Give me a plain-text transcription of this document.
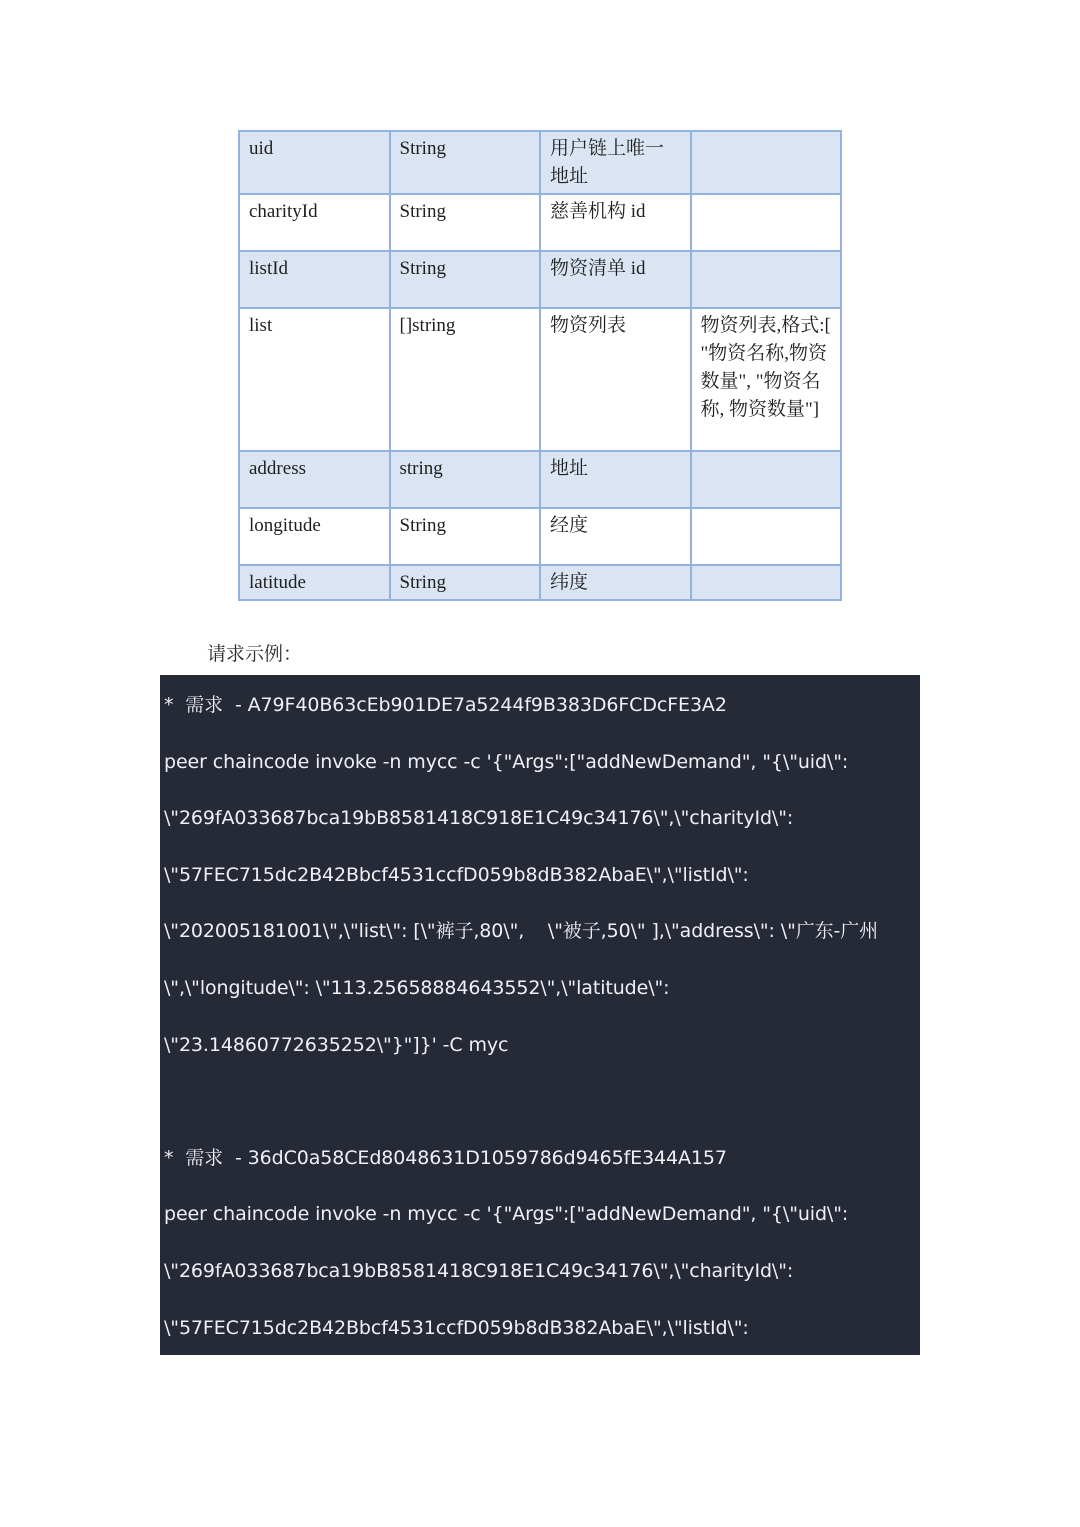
uid	String	用户链上唯一地址	
charityId	String	慈善机构 id	
listId	String	物资清单 id	
list	[]string	物资列表	物资列表,格式:[ "物资名称,物资数量", "物资名称, 物资数量"]
address	string	地址	
longitude	String	经度	
latitude	String	纬度	
请求示例：
*  需求  - A79F40B63cEb901DE7a5244f9B383D6FCDcFE3A2
peer chaincode invoke -n mycc -c '{"Args":["addNewDemand", "{\"uid\":
\"269fA033687bca19bB8581418C918E1C49c34176\",\"charityId\":
\"57FEC715dc2B42Bbcf4531ccfD059b8dB382AbaE\",\"listId\":
\"202005181001\",\"list\": [\"裤子,80\",    \"被子,50\" ],\"address\": \"广东-广州
\",\"longitude\": \"113.25658884643552\",\"latitude\":
\"23.14860772635252\"}"]}' -C myc
*  需求  - 36dC0a58CEd8048631D1059786d9465fE344A157
peer chaincode invoke -n mycc -c '{"Args":["addNewDemand", "{\"uid\":
\"269fA033687bca19bB8581418C918E1C49c34176\",\"charityId\":
\"57FEC715dc2B42Bbcf4531ccfD059b8dB382AbaE\",\"listId\":
